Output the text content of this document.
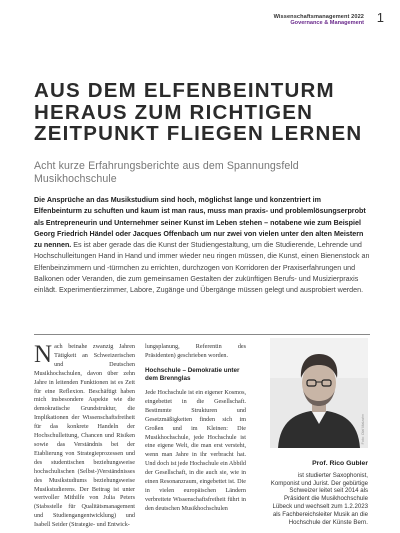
Wissenschaftsmanagement 2022
Governance & Management 1
AUS DEM ELFENBEINTURM
HERAUS ZUM RICHTIGEN
ZEITPUNKT FLIEGEN LERNEN
Acht kurze Erfahrungsberichte aus dem Spannungsfeld Musikhochschule
Die Ansprüche an das Musikstudium sind hoch, möglichst lange und konzentriert im Elfenbeinturm zu schuften und kaum ist man raus, muss man praxis- und problemlösungserprobt als Entrepreneurin und Unternehmer seiner Kunst im Leben stehen – notabene wie zum Beispiel Georg Friedrich Händel oder Jacques Offenbach um nur zwei von vielen unter den alten Meistern zu nennen. Es ist aber gerade das die Kunst der Studiengestaltung, um die Studierende, Lehrende und Hochschulleitungen Hand in Hand und immer wieder neu ringen müssen, die Kunst, einen Bienenstock an Elfenbeinzimmern und -türmchen zu errichten, durchzogen von Korridoren der Praxiserfahrungen und Balkonen oder Veranden, die zum gemeinsamen Gestalten der zukünftigen Berufs- und Musizierpraxis einlädt. Experimentierzimmer, Labore, Zugänge und Übergänge müssen gelegt und ausprobiert werden.
N ach beinahe zwanzig Jahren Tätigkeit an Schweizerischen und Deutschen Musikhochschulen, davon über zehn Jahre in leitenden Funktionen ist es Zeit für eine Reflexion. Beschäftigt haben mich insbesondere Aspekte wie die demokratische Grundstruktur, die Implikationen der Wissenschaftsfreiheit für das konkrete Handeln der Hochschulleitung, Chancen und Risiken sowie das Verständnis bei der Etablierung von Strategieprozessen und des studentischen beziehungsweise hochschulischen (Selbst-)Verständnisses des Musikstudiums beziehungsweise Musikstudierens. Der Beitrag ist unter wertvoller Mithilfe von Julia Peters (Stabsstelle für Qualitätsmanagement und Studiengangentwicklung) und Isabell Seider (Strategie- und Entwick-

lungsplanung, Referentin des Präsidenten) geschrieben worden.

Hochschule – Demokratie unter dem Brennglas

Jede Hochschule ist ein eigener Kosmos, eingebettet in die Gesellschaft. Bestimmte Strukturen und Gesetzmäßigkeiten finden sich im Großen und im Kleinen: Die Musikhochschule, jede Hochschule ist eine eigene Welt, die man erst versteht, wenn man Jahre in ihr verbracht hat. Und doch ist jede Hochschule ein Abbild der Gesellschaft, in die auch sie, wie in einen Resonanzraum, eingebettet ist. Die in vielen europäischen Ländern verbreitete Wissenschaftsfreiheit führt in den deutschen Musikhochschulen

Foto: Olaf Malzahn
Prof. Rico Gubler
ist studierter Saxophonist, Komponist und Jurist. Der gebürtige Schweizer leitet seit 2014 als Präsident die Musikhochschule Lübeck und wechselt zum 1.2.2023 als Fachbereichsleiter Musik an die Hochschule der Künste Bern.
